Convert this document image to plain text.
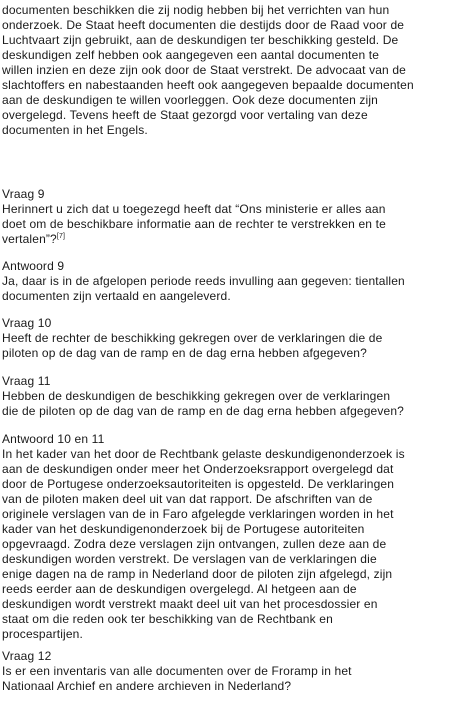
documenten beschikken die zij nodig hebben bij het verrichten van hun

onderzoek. De Staat heeft documenten die destijds door de Raad voor de

Luchtvaart zijn gebruikt, aan de deskundigen ter beschikking gesteld. De

deskundigen zelf hebben ook aangegeven een aantal documenten te

willen inzien en deze zijn ook door de Staat verstrekt. De advocaat van de

slachtoffers en nabestaanden heeft ook aangegeven bepaalde documenten

aan de deskundigen te willen voorleggen. Ook deze documenten zijn

overgelegd. Tevens heeft de Staat gezorgd voor vertaling van deze

documenten in het Engels.

Vraag 9

Herinnert u zich dat u toegezegd heeft dat “Ons ministerie er alles aan

doet om de beschikbare informatie aan de rechter te verstrekken en te

vertalen”?[7]

Antwoord 9

Ja, daar is in de afgelopen periode reeds invulling aan gegeven: tientallen

documenten zijn vertaald en aangeleverd.

Vraag 10

Heeft de rechter de beschikking gekregen over de verklaringen die de

piloten op de dag van de ramp en de dag erna hebben afgegeven?

Vraag 11

Hebben de deskundigen de beschikking gekregen over de verklaringen

die de piloten op de dag van de ramp en de dag erna hebben afgegeven?

Antwoord 10 en 11

In het kader van het door de Rechtbank gelaste deskundigenonderzoek is

aan de deskundigen onder meer het Onderzoeksrapport overgelegd dat

door de Portugese onderzoeksautoriteiten is opgesteld. De verklaringen

van de piloten maken deel uit van dat rapport. De afschriften van de

originele verslagen van de in Faro afgelegde verklaringen worden in het

kader van het deskundigenonderzoek bij de Portugese autoriteiten

opgevraagd. Zodra deze verslagen zijn ontvangen, zullen deze aan de

deskundigen worden verstrekt. De verslagen van de verklaringen die

enige dagen na de ramp in Nederland door de piloten zijn afgelegd, zijn

reeds eerder aan de deskundigen overgelegd. Al hetgeen aan de

deskundigen wordt verstrekt maakt deel uit van het procesdossier en

staat om die reden ook ter beschikking van de Rechtbank en

procespartijen.

Vraag 12

Is er een inventaris van alle documenten over de Froramp in het

Nationaal Archief en andere archieven in Nederland?
